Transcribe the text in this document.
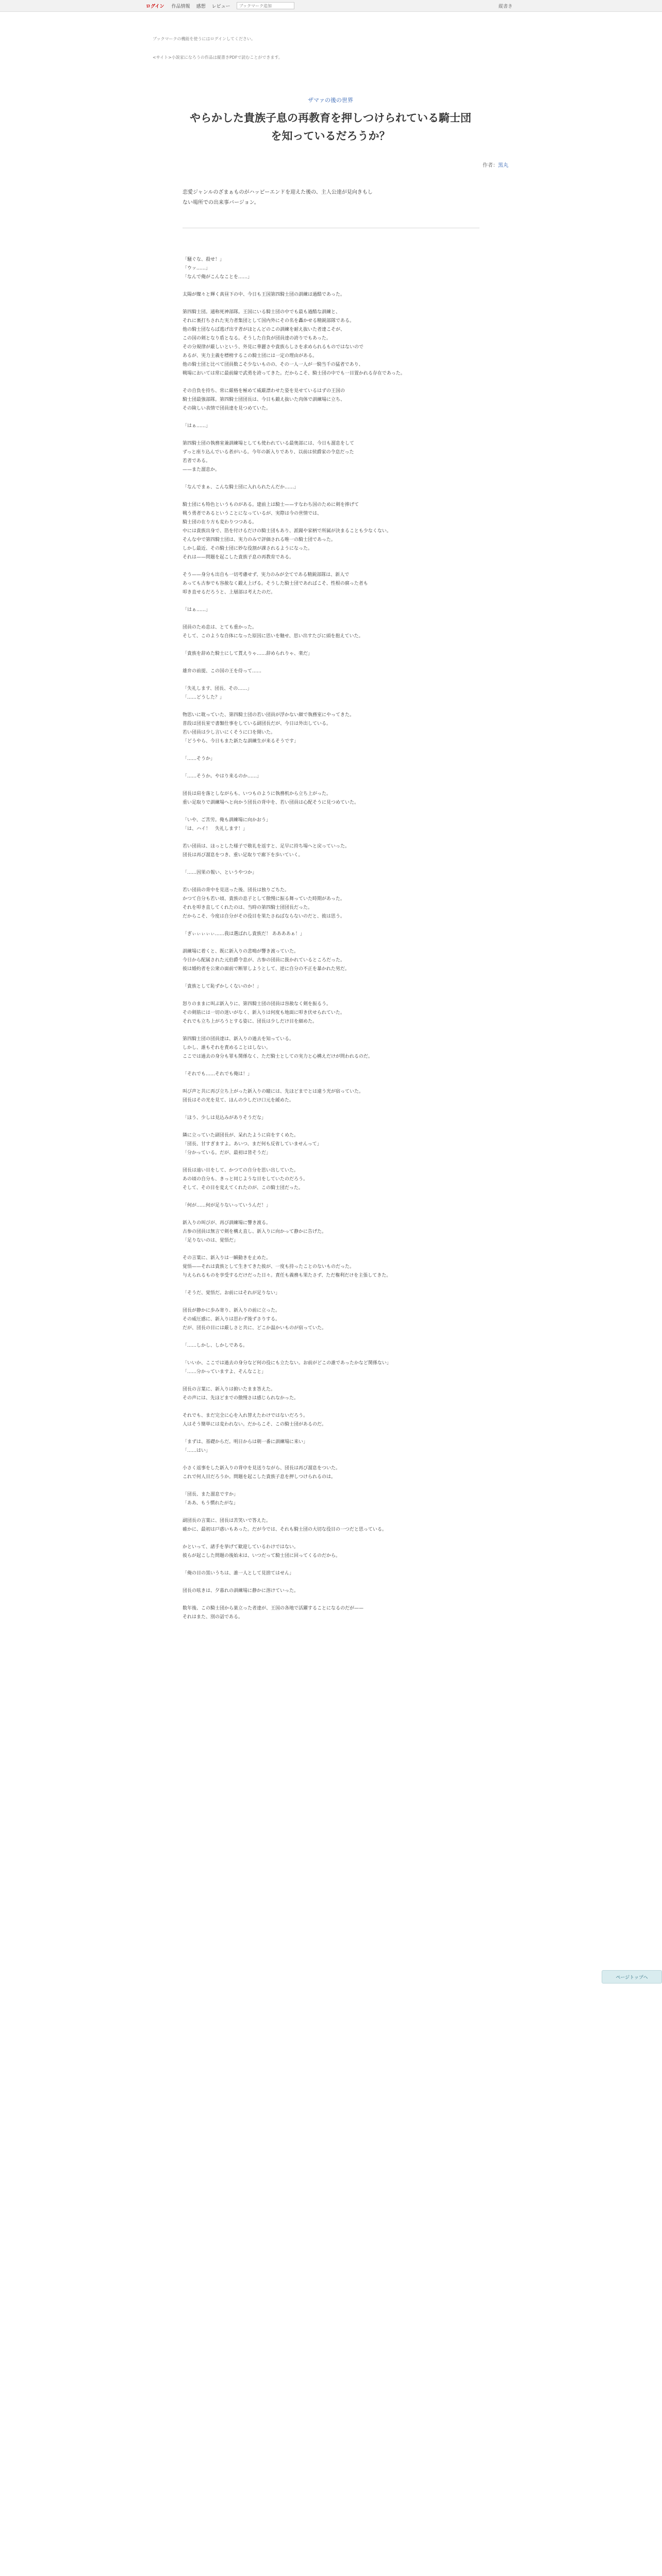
ログイン 作品情報 感想 レビュー
ブックマーク追加	縦書き
ブックマークの機能を使うにはログインしてください。
<サイト>小説家になろうの作品は縦書きPDFで読むことができます。
ザマァの後の世界
やらかした貴族子息の再教育を押しつけられている騎士団
を知っているだろうか？
作者：黒丸
恋愛ジャンルのざまぁものがハッピーエンドを迎えた後の、主人公達が見向きもし
ない場所での出来事バージョン。

「騒ぐな、殺せ！」

「ウッ……」

「なんで俺がこんなことを……」

太陽が燦々と輝く真昼下の中、今日も王国第四騎士団の訓練は過酷であった。

第四騎士団。通称死神部隊。王国にいる騎士団の中でも最も過酷な訓練と、

それに裏打ちされた実力者集団として国内外にその名を轟かせる精鋭部隊である。

他の騎士団ならば逃げ出す者がほとんどのこの訓練を耐え抜いた者達こそが、

この国の剣となり盾となる。そうした自負が団員達の誇りでもあった。

その分規律が厳しいという、外見に華麗さや貴族らしさを求められるものではないので

あるが、実力主義を標榜するこの騎士団には一定の理由がある。

他の騎士団と比べて団員数こそ少ないものの、その一人一人が一騎当千の猛者であり、

戦場においては常に最前線で武勇を誇ってきた。だからこそ、騎士団の中でも一目置かれる存在であった。

その自負を持ち、常に厳格を極めて威厳漂わせた姿を見せているはずの王国の

騎士団最強部隊。第四騎士団団長は、今日も鍛え抜いた肉体で訓練場に立ち、

その険しい表情で団員達を見つめていた。

「はぁ……」

第四騎士団の執務室兼訓練場としても使われている最奥部には、今日も溜息をして

ずっと座り込んでいる者がいる。今年の新入りであり、以前は侯爵家の令息だった

若者である。

——また溜息か。

「なんでまぁ、こんな騎士団に入れられたんだか……」

騎士団にも特色というものがある。建前上は騎士——すなわち国のために剣を捧げて

戦う勇者であるということになっているが、実際は今の世情では、

騎士団の在り方も変わりつつある。

中には貴族出身で、箔を付けるだけの騎士団もあり、派閥や家柄で所属が決まることも少なくない。

そんな中で第四騎士団は、実力のみで評価される唯一の騎士団であった。

しかし最近、その騎士団に妙な役割が課されるようになった。

それは——問題を起こした貴族子息の再教育である。

そう——身分も出自も一切考慮せず、実力のみが全てである精鋭部隊は、新人で

あっても古参でも容赦なく鍛え上げる。そうした騎士団であればこそ、性根の腐った者も

叩き直せるだろうと、上層部は考えたのだ。

「はぁ……」

団員のため息は、とても重かった。

そして、このような自体になった原因に思いを馳せ、思い出すたびに頭を抱えていた。

「貴族を辞めた騎士にして貰えりゃ……辞められりゃ、楽だ」

雄弁の前提、この国の王を侍って……

「失礼します、団長、その……」

「……どうした？」

物思いに耽っていた、第四騎士団の若い団員が浮かない顔で執務室にやってきた。

普段は団長室で書類仕事をしている副団長だが、今日は外出している。

若い団員は少し言いにくそうに口を開いた。

「どうやら、今日もまた新たな訓練生が来るそうです」

「……そうか」

「……そうか。やはり来るのか……」

団長は肩を落としながらも、いつものように執務机から立ち上がった。

重い足取りで訓練場へと向かう団長の背中を、若い団員は心配そうに見つめていた。

「いや、ご苦労。俺も訓練場に向かおう」

「は、ハイ！　失礼します！」

若い団員は、ほっとした様子で敬礼を返すと、足早に持ち場へと戻っていった。

団長は再び溜息をつき、重い足取りで廊下を歩いていく。

「……因果の報い、というやつか」

若い団員の背中を見送った後、団長は独りごちた。

かつて自分も若い頃、貴族の息子として傲慢に振る舞っていた時期があった。

それを叩き直してくれたのは、当時の第四騎士団団長だった。

だからこそ、今度は自分がその役目を果たさねばならないのだと、彼は思う。

「ぎぃぃぃぃぃ……我は選ばれし貴族だ！ ああああぁ！」

訓練場に着くと、既に新入りの悲鳴が響き渡っていた。

今日から配属された元伯爵令息が、古参の団員に扱かれているところだった。

彼は婚約者を公衆の面前で断罪しようとして、逆に自分の不正を暴かれた男だ。

「貴族として恥ずかしくないのか！」

怒りのままに叫ぶ新入りに、第四騎士団の団員は容赦なく剣を振るう。

その剣筋には一切の迷いがなく、新入りは何度も地面に叩き伏せられていた。

それでも立ち上がろうとする姿に、団長は少しだけ目を細めた。

第四騎士団の団員達は、新入りの過去を知っている。

しかし、誰もそれを責めることはしない。

ここでは過去の身分も罪も関係なく、ただ騎士としての実力と心構えだけが問われるのだ。

「それでも……それでも俺は！」

叫び声と共に再び立ち上がった新入りの瞳には、先ほどまでとは違う光が宿っていた。

団長はその光を見て、ほんの少しだけ口元を緩めた。

「ほう、少しは見込みがありそうだな」

隣に立っていた副団長が、呆れたように肩をすくめた。

「団長、甘すぎますよ。あいつ、まだ何も反省していませんって」

「分かっている。だが、最初は皆そうだ」

団長は遠い目をして、かつての自分を思い出していた。

あの頃の自分も、きっと同じような目をしていたのだろう。

そして、その目を変えてくれたのが、この騎士団だった。

「何が……何が足りないっていうんだ！」

新入りの叫びが、再び訓練場に響き渡る。

古参の団員は無言で剣を構え直し、新入りに向かって静かに告げた。

「足りないのは、覚悟だ」

その言葉に、新入りは一瞬動きを止めた。

覚悟——それは貴族として生きてきた彼が、一度も持ったことのないものだった。

与えられるものを享受するだけだった日々。責任も義務も果たさず、ただ権利だけを主張してきた。

「そうだ、覚悟だ。お前にはそれが足りない」

団長が静かに歩み寄り、新入りの前に立った。

その威圧感に、新入りは思わず後ずさりする。

だが、団長の目には厳しさと共に、どこか温かいものが宿っていた。

「……しかし、しかしである。

「いいか、ここでは過去の身分など何の役にも立たない。お前がどこの誰であったかなど関係ない」

「……分かっていますよ、そんなこと」

団長の言葉に、新入りは俯いたまま答えた。

その声には、先ほどまでの傲慢さは感じられなかった。

それでも、まだ完全に心を入れ替えたわけではないだろう。

人はそう簡単には変われない。だからこそ、この騎士団があるのだ。

「まずは、基礎からだ。明日からは朝一番に訓練場に来い」

「……はい」

小さく返事をした新入りの背中を見送りながら、団長は再び溜息をついた。

これで何人目だろうか。問題を起こした貴族子息を押しつけられるのは。

「団長、また溜息ですか」

「ああ、もう慣れたがな」

副団長の言葉に、団長は苦笑いで答えた。

確かに、最初は戸惑いもあった。だが今では、それも騎士団の大切な役目の一つだと思っている。

かといって、諸手を挙げて歓迎しているわけではない。

彼らが起こした問題の後始末は、いつだって騎士団に回ってくるのだから。

「俺の目の黒いうちは、誰一人として見捨てはせん」

団長の呟きは、夕暮れの訓練場に静かに溶けていった。

数年後、この騎士団から巣立った者達が、王国の各地で活躍することになるのだが——

それはまた、別の話である。

ページトップへ
